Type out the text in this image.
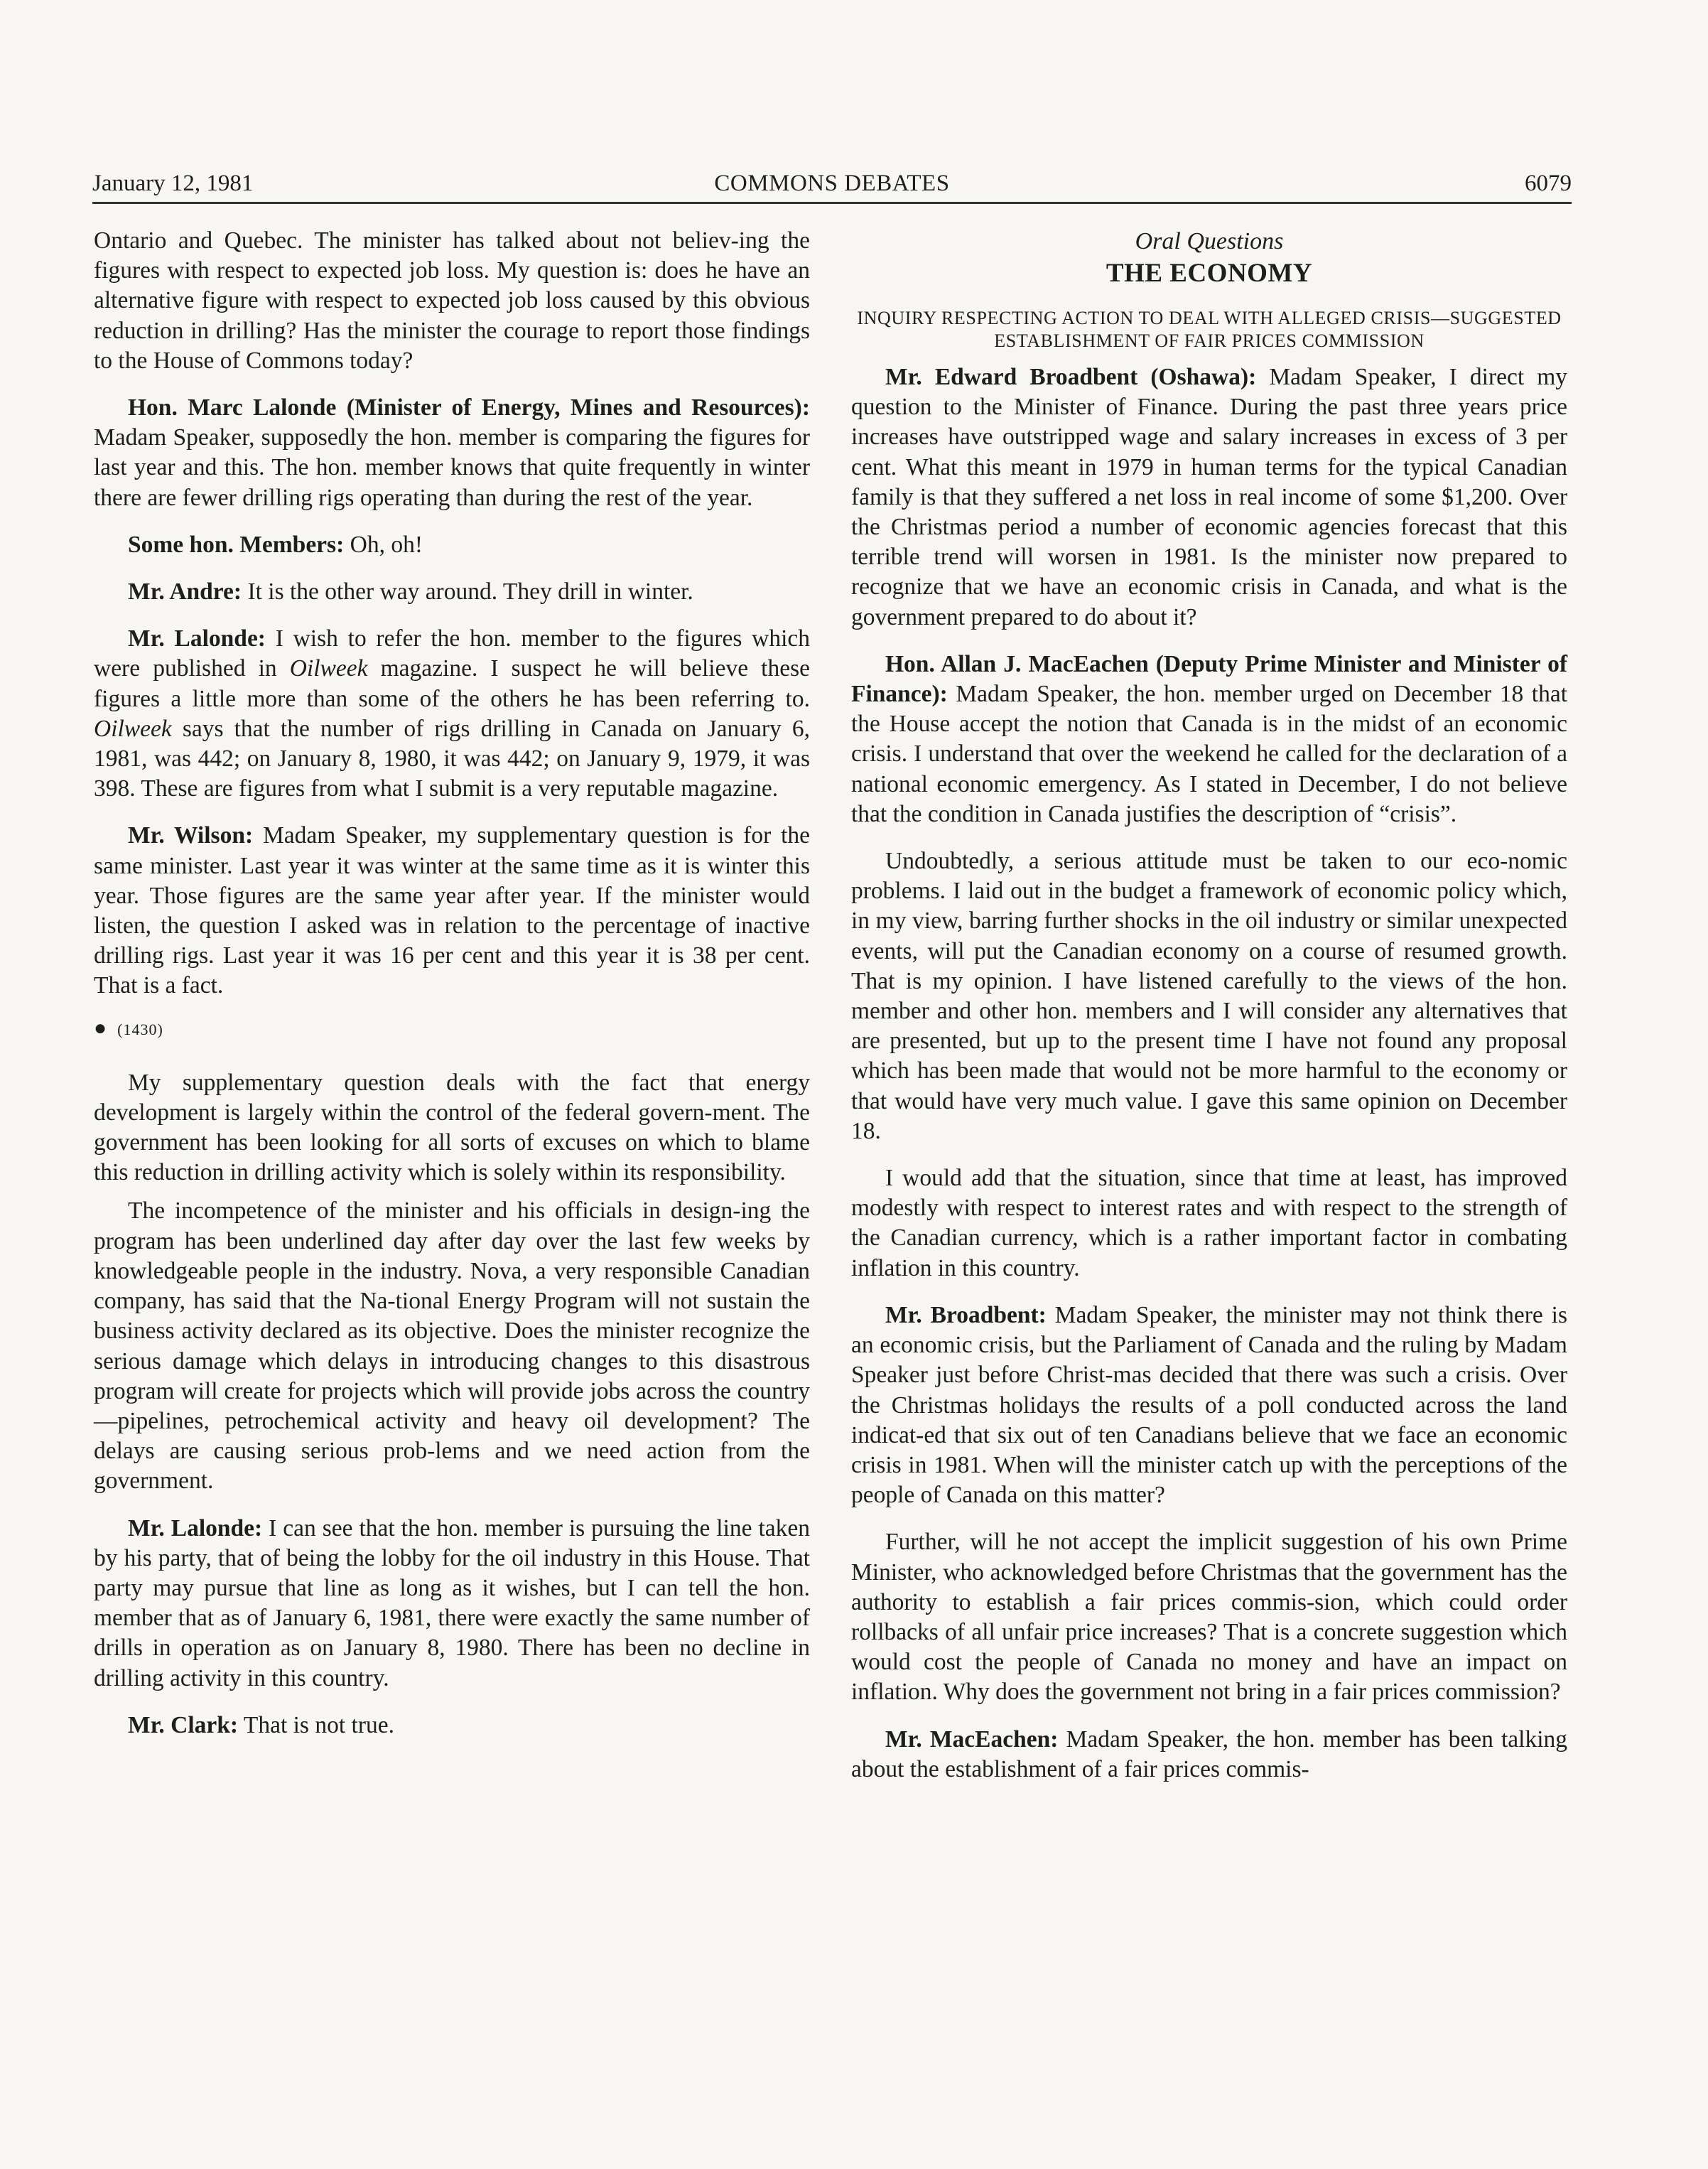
January 12, 1981	COMMONS DEBATES	6079

Ontario and Quebec. The minister has talked about not believ-ing the figures with respect to expected job loss. My question is: does he have an alternative figure with respect to expected job loss caused by this obvious reduction in drilling? Has the minister the courage to report those findings to the House of Commons today?

Hon. Marc Lalonde (Minister of Energy, Mines and Resources): Madam Speaker, supposedly the hon. member is comparing the figures for last year and this. The hon. member knows that quite frequently in winter there are fewer drilling rigs operating than during the rest of the year.

Some hon. Members: Oh, oh!

Mr. Andre: It is the other way around. They drill in winter.

Mr. Lalonde: I wish to refer the hon. member to the figures which were published in Oilweek magazine. I suspect he will believe these figures a little more than some of the others he has been referring to. Oilweek says that the number of rigs drilling in Canada on January 6, 1981, was 442; on January 8, 1980, it was 442; on January 9, 1979, it was 398. These are figures from what I submit is a very reputable magazine.

Mr. Wilson: Madam Speaker, my supplementary question is for the same minister. Last year it was winter at the same time as it is winter this year. Those figures are the same year after year. If the minister would listen, the question I asked was in relation to the percentage of inactive drilling rigs. Last year it was 16 per cent and this year it is 38 per cent. That is a fact.

● (1430)

My supplementary question deals with the fact that energy development is largely within the control of the federal govern-ment. The government has been looking for all sorts of excuses on which to blame this reduction in drilling activity which is solely within its responsibility.

The incompetence of the minister and his officials in design-ing the program has been underlined day after day over the last few weeks by knowledgeable people in the industry. Nova, a very responsible Canadian company, has said that the Na-tional Energy Program will not sustain the business activity declared as its objective. Does the minister recognize the serious damage which delays in introducing changes to this disastrous program will create for projects which will provide jobs across the country—pipelines, petrochemical activity and heavy oil development? The delays are causing serious prob-lems and we need action from the government.

Mr. Lalonde: I can see that the hon. member is pursuing the line taken by his party, that of being the lobby for the oil industry in this House. That party may pursue that line as long as it wishes, but I can tell the hon. member that as of January 6, 1981, there were exactly the same number of drills in operation as on January 8, 1980. There has been no decline in drilling activity in this country.

Mr. Clark: That is not true.

Oral Questions
THE ECONOMY
INQUIRY RESPECTING ACTION TO DEAL WITH ALLEGED CRISIS—SUGGESTED ESTABLISHMENT OF FAIR PRICES COMMISSION

Mr. Edward Broadbent (Oshawa): Madam Speaker, I direct my question to the Minister of Finance. During the past three years price increases have outstripped wage and salary increases in excess of 3 per cent. What this meant in 1979 in human terms for the typical Canadian family is that they suffered a net loss in real income of some $1,200. Over the Christmas period a number of economic agencies forecast that this terrible trend will worsen in 1981. Is the minister now prepared to recognize that we have an economic crisis in Canada, and what is the government prepared to do about it?

Hon. Allan J. MacEachen (Deputy Prime Minister and Minister of Finance): Madam Speaker, the hon. member urged on December 18 that the House accept the notion that Canada is in the midst of an economic crisis. I understand that over the weekend he called for the declaration of a national economic emergency. As I stated in December, I do not believe that the condition in Canada justifies the description of “crisis”.

Undoubtedly, a serious attitude must be taken to our eco-nomic problems. I laid out in the budget a framework of economic policy which, in my view, barring further shocks in the oil industry or similar unexpected events, will put the Canadian economy on a course of resumed growth. That is my opinion. I have listened carefully to the views of the hon. member and other hon. members and I will consider any alternatives that are presented, but up to the present time I have not found any proposal which has been made that would not be more harmful to the economy or that would have very much value. I gave this same opinion on December 18.

I would add that the situation, since that time at least, has improved modestly with respect to interest rates and with respect to the strength of the Canadian currency, which is a rather important factor in combating inflation in this country.

Mr. Broadbent: Madam Speaker, the minister may not think there is an economic crisis, but the Parliament of Canada and the ruling by Madam Speaker just before Christ-mas decided that there was such a crisis. Over the Christmas holidays the results of a poll conducted across the land indicat-ed that six out of ten Canadians believe that we face an economic crisis in 1981. When will the minister catch up with the perceptions of the people of Canada on this matter?

Further, will he not accept the implicit suggestion of his own Prime Minister, who acknowledged before Christmas that the government has the authority to establish a fair prices commis-sion, which could order rollbacks of all unfair price increases? That is a concrete suggestion which would cost the people of Canada no money and have an impact on inflation. Why does the government not bring in a fair prices commission?

Mr. MacEachen: Madam Speaker, the hon. member has been talking about the establishment of a fair prices commis-
